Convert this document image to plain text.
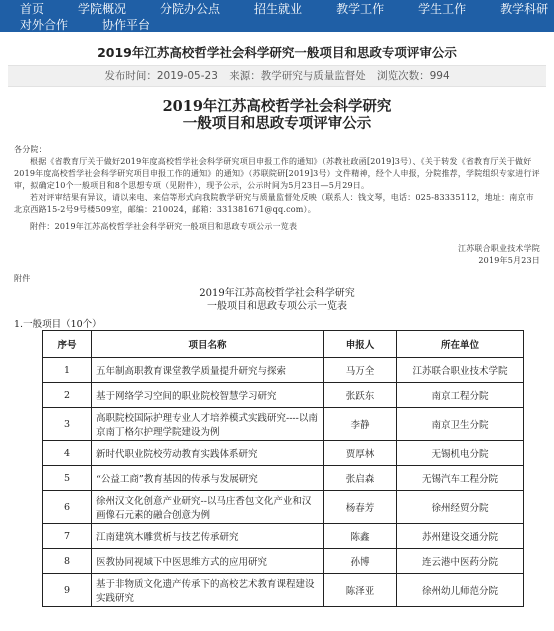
首页	学院概况	分院办公点	招生就业	教学工作	学生工作	教学科研
对外合作	协作平台
2019年江苏高校哲学社会科学研究一般项目和思政专项评审公示
发布时间：2019-05-23 来源：教学研究与质量监督处 浏览次数：994
2019年江苏高校哲学社会科学研究
一般项目和思政专项评审公示

各分院：

根据《省教育厅关于做好2019年度高校哲学社会科学研究项目申报工作的通知》（苏教社政函[2019]3号）、《关于转发《省教育厅关于做好2019年度高校哲学社会科学研究项目申报工作的通知》的通知》（苏联院研[2019]3号）文件精神，经个人申报，分院推荐，学院组织专家进行评审，拟确定10个一般项目和8个思想专项（见附件），现予公示，公示时间为5月23日—5月29日。

若对评审结果有异议，请以来电、来信等形式向我院教学研究与质量监督处反映（联系人：钱文琴，电话：025-83335112，地址：南京市北京西路15-2号9号楼509室，邮编：210024，邮箱：331381671@qq.com）。

附件：2019年江苏高校哲学社会科学研究一般项目和思政专项公示一览表

江苏联合职业技术学院

2019年5月23日

附件

2019年江苏高校哲学社会科学研究
一般项目和思政专项公示一览表
1.一般项目（10个）
序号	项目名称	申报人	所在单位
1	五年制高职教育课堂教学质量提升研究与探索	马万全	江苏联合职业技术学院
2	基于网络学习空间的职业院校智慧学习研究	张跃东	南京工程分院
3	高职院校国际护理专业人才培养模式实践研究----以南京南丁格尔护理学院建设为例	李静	南京卫生分院
4	新时代职业院校劳动教育实践体系研究	贾厚林	无锡机电分院
5	“公益工商”教育基因的传承与发展研究	张启森	无锡汽车工程分院
6	徐州汉文化创意产业研究--以马庄香包文化产业和汉画像石元素的融合创意为例	杨春芳	徐州经贸分院
7	江南建筑木雕赏析与技艺传承研究	陈鑫	苏州建设交通分院
8	医教协同视域下中医思维方式的应用研究	孙博	连云港中医药分院
9	基于非物质文化遗产传承下的高校艺术教育课程建设实践研究	陈泽亚	徐州幼儿师范分院
